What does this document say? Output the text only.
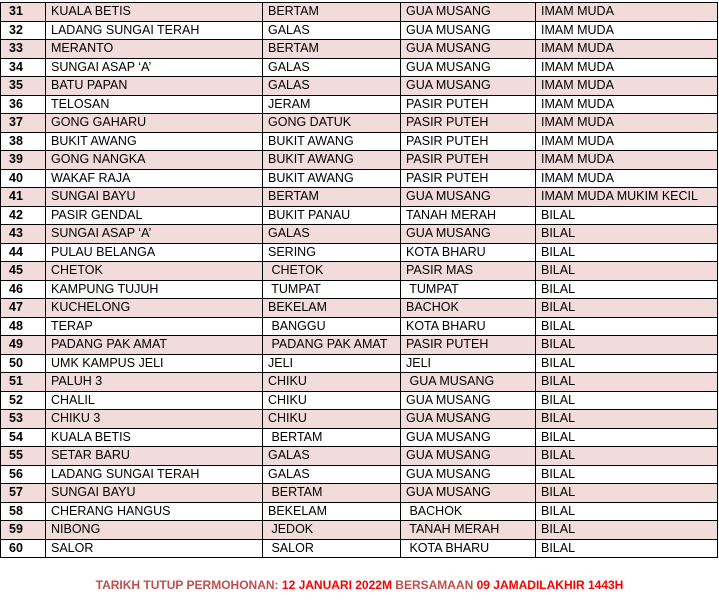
31	KUALA BETIS	BERTAM	GUA MUSANG	IMAM MUDA
32	LADANG SUNGAI TERAH	GALAS	GUA MUSANG	IMAM MUDA
33	MERANTO	BERTAM	GUA MUSANG	IMAM MUDA
34	SUNGAI ASAP ‘A’	GALAS	GUA MUSANG	IMAM MUDA
35	BATU PAPAN	GALAS	GUA MUSANG	IMAM MUDA
36	TELOSAN	JERAM	PASIR PUTEH	IMAM MUDA
37	GONG GAHARU	GONG DATUK	PASIR PUTEH	IMAM MUDA
38	BUKIT AWANG	BUKIT AWANG	PASIR PUTEH	IMAM MUDA
39	GONG NANGKA	BUKIT AWANG	PASIR PUTEH	IMAM MUDA
40	WAKAF RAJA	BUKIT AWANG	PASIR PUTEH	IMAM MUDA
41	SUNGAI BAYU	BERTAM	GUA MUSANG	IMAM MUDA MUKIM KECIL
42	PASIR GENDAL	BUKIT PANAU	TANAH MERAH	BILAL
43	SUNGAI ASAP ‘A’	GALAS	GUA MUSANG	BILAL
44	PULAU BELANGA	SERING	KOTA BHARU	BILAL
45	CHETOK	CHETOK	PASIR MAS	BILAL
46	KAMPUNG TUJUH	TUMPAT	TUMPAT	BILAL
47	KUCHELONG	BEKELAM	BACHOK	BILAL
48	TERAP	BANGGU	KOTA BHARU	BILAL
49	PADANG PAK AMAT	PADANG PAK AMAT	PASIR PUTEH	BILAL
50	UMK KAMPUS JELI	JELI	JELI	BILAL
51	PALUH 3	CHIKU	GUA MUSANG	BILAL
52	CHALIL	CHIKU	GUA MUSANG	BILAL
53	CHIKU 3	CHIKU	GUA MUSANG	BILAL
54	KUALA BETIS	BERTAM	GUA MUSANG	BILAL
55	SETAR BARU	GALAS	GUA MUSANG	BILAL
56	LADANG SUNGAI TERAH	GALAS	GUA MUSANG	BILAL
57	SUNGAI BAYU	BERTAM	GUA MUSANG	BILAL
58	CHERANG HANGUS	BEKELAM	BACHOK	BILAL
59	NIBONG	JEDOK	TANAH MERAH	BILAL
60	SALOR	SALOR	KOTA BHARU	BILAL
TARIKH TUTUP PERMOHONAN: 12 JANUARI 2022M BERSAMAAN 09 JAMADILAKHIR 1443H
